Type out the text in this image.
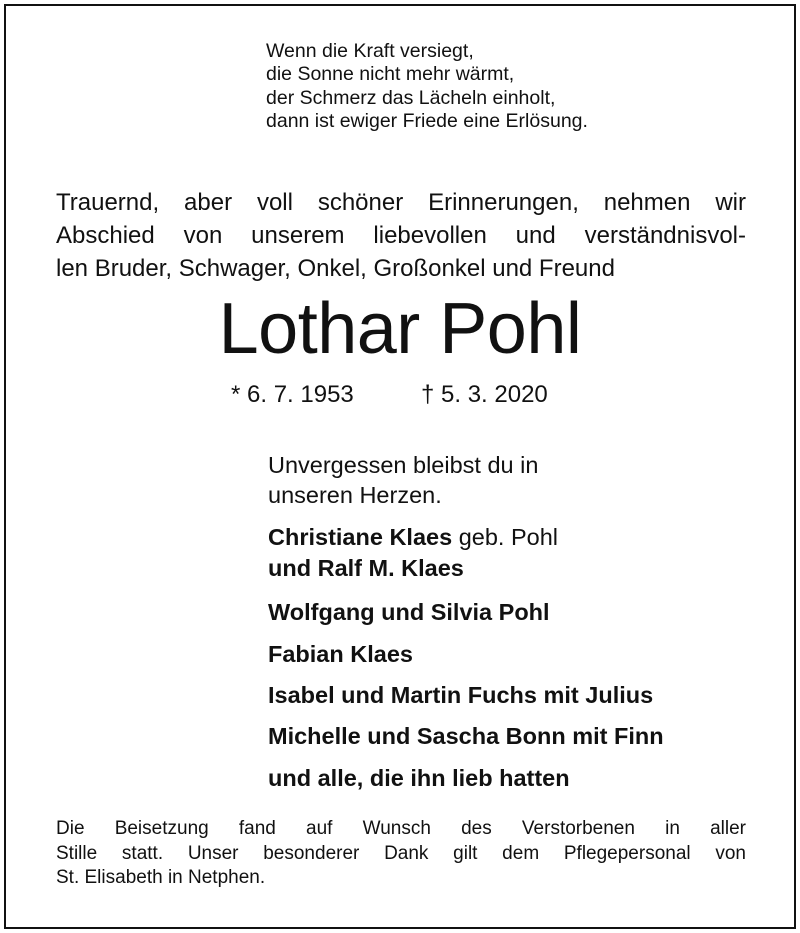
Wenn die Kraft versiegt,
die Sonne nicht mehr wärmt,
der Schmerz das Lächeln einholt,
dann ist ewiger Friede eine Erlösung.
Trauernd, aber voll schöner Erinnerungen, nehmen wir
Abschied von unserem liebevollen und verständnisvol-
len Bruder, Schwager, Onkel, Großonkel und Freund
Lothar Pohl
* 6. 7. 1953	† 5. 3. 2020
Unvergessen bleibst du in
unseren Herzen.
Christiane Klaes geb. Pohl
und Ralf M. Klaes
Wolfgang und Silvia Pohl
Fabian Klaes
Isabel und Martin Fuchs mit Julius
Michelle und Sascha Bonn mit Finn
und alle, die ihn lieb hatten
Die Beisetzung fand auf Wunsch des Verstorbenen in aller
Stille statt. Unser besonderer Dank gilt dem Pflegepersonal von
St. Elisabeth in Netphen.
